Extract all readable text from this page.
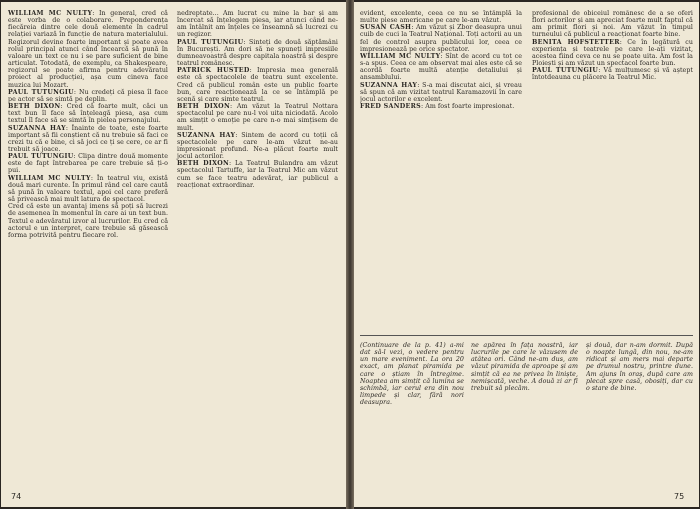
WILLIAM MC NULTY: In general, cred că este vorba de o colaborare. Preponderența fiecăreia dintre cele două elemente în cadrul relației variază în funcție de natura materialului. Regizorul devine foarte important și poate avea rolul principal atunci când încearcă să pună în valoare un text ce nu i se pare suficient de bine articulat. Totodată, de exemplu, ca Shakespeare, regizorul se poate afirma pentru adevăratul proiect al producției, așa cum cineva face muzica lui Mozart.

PAUL TUTUNGIU: Nu credeți că piesa îl face pe actor să se simtă pe deplin.

BETH DIXON: Cred că foarte mult, căci un text bun îl face să înțeleagă piesa, așa cum textul îl face să se simtă în pielea personajului.

SUZANNA HAY: Înainte de toate, este foarte important să fii conștient că nu trebuie să faci ce crezi tu că e bine, ci să joci ce ți se cere, ce ar fi trebuit să joace.

PAUL TUTUNGIU: Clipa dintre două momente este de fapt întrebarea pe care trebuie să ți-o pui.

WILLIAM MC NULTY: În teatrul viu, există două mari curente. În primul rând cel care caută să pună în valoare textul, apoi cel care preferă să privească mai mult latura de spectacol.

Cred că este un avantaj imens să poți să lucrezi de asemenea în momentul în care ai un text bun. Textul e adevăratul izvor al lucrurilor. Eu cred că actorul e un interpret, care trebuie să găsească forma potrivită pentru fiecare rol.

nedreptate... Am lucrat cu mine la bar și am încercat să înțelegem piesa, iar atunci când ne-am întâlnit am înțeles ce înseamnă să lucrezi cu un regizor.

PAUL TUTUNGIU: Sinteți de două săptămâni în București. Am dori să ne spuneți impresiile dumneavoastră despre capitala noastră și despre teatrul românesc.

PATRICK HUSTED: Impresia mea generală este că spectacolele de teatru sunt excelente. Cred că publicul român este un public foarte bun, care reacționează la ce se întâmplă pe scenă și care simte teatrul.

BETH DIXON: Am văzut la Teatrul Nottara spectacolul pe care nu-l voi uita niciodată. Acolo am simțit o emoție pe care n-o mai simțisem de mult.

SUZANNA HAY: Sintem de acord cu toții că spectacolele pe care le-am văzut ne-au impresionat profund. Ne-a plăcut foarte mult jocul actorilor.

BETH DIXON: La Teatrul Bulandra am văzut spectacolul Tartuffe, iar la Teatrul Mic am văzut cum se face teatru adevărat, iar publicul a reacționat extraordinar.

74

evident, excelente, ceea ce nu se întâmplă la multe piese americane pe care le-am văzut.

SUSAN CASH: Am văzut și Zbor deasupra unui cuib de cuci la Teatrul Național. Toți actorii au un fel de control asupra publicului lor, ceea ce impresionează pe orice spectator.

WILLIAM MC NULTY: Sînt de acord cu tot ce s-a spus. Ceea ce am observat mai ales este că se acordă foarte multă atenție detaliului și ansamblului.

SUZANNA HAY: S-a mai discutat aici, și vreau să spun că am vizitat teatrul Karamazovii în care jocul actorilor e excelent.

FRED SANDERS: Am fost foarte impresionat.

profesional de obiceiul românesc de a se oferi flori actorilor și am apreciat foarte mult faptul că am primit flori și noi. Am văzut în timpul turneului că publicul a reacționat foarte bine.

BENITA HOFSTETTER: Ce în legătură cu experiența și teatrele pe care le-ați vizitat, acestea fiind ceva ce nu se poate uita. Am fost la Ploiești și am văzut un spectacol foarte bun.

PAUL TUTUNGIU: Vă mulțumesc și vă aștept întotdeauna cu plăcere la Teatrul Mic.

(Continuare de la p. 41) a-mi dat să-l vezi, o vedere pentru un mare eveniment. La ora 20 exact, am planat piramida pe care o știam în întregime. Noaptea am simțit că lumina se schimbă, iar cerul era din nou limpede și clar, fără nori deasupra.
ne apărea în fața noastră, iar lucrurile pe care le văzusem de atâtea ori. Când ne-am dus, am văzut piramida de aproape și am simțit că ea ne privea în liniște, nemișcată, veche. A două zi ar fi trebuit să plecăm.
și două, dar n-am dormit. După o noapte lungă, din nou, ne-am ridicat și am mers mai departe pe drumul nostru, printre dune. Am ajuns în oraș, după care am plecat spre casă, obosiți, dar cu o stare de bine.
75
